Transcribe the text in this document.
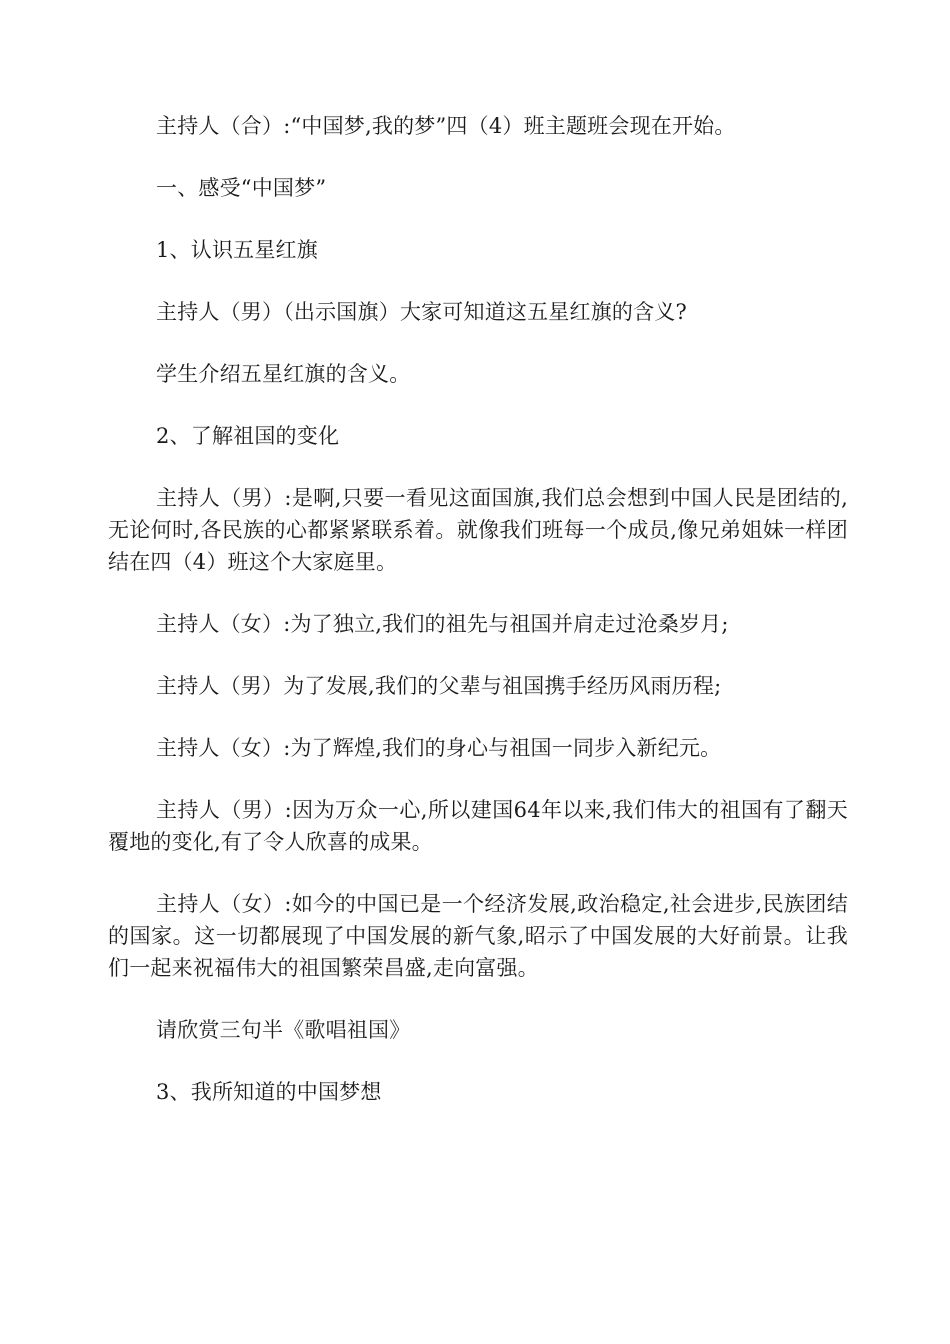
主持人（合）:“中国梦,我的梦”四（4）班主题班会现在开始。

一、感受“中国梦”

1、认识五星红旗

主持人（男）（出示国旗）大家可知道这五星红旗的含义?

学生介绍五星红旗的含义。

2、了解祖国的变化

主持人（男）:是啊,只要一看见这面国旗,我们总会想到中国人民是团结的,无论何时,各民族的心都紧紧联系着。就像我们班每一个成员,像兄弟姐妹一样团结在四（4）班这个大家庭里。

主持人（女）:为了独立,我们的祖先与祖国并肩走过沧桑岁月;

主持人（男）为了发展,我们的父辈与祖国携手经历风雨历程;

主持人（女）:为了辉煌,我们的身心与祖国一同步入新纪元。

主持人（男）:因为万众一心,所以建国64年以来,我们伟大的祖国有了翻天覆地的变化,有了令人欣喜的成果。

主持人（女）:如今的中国已是一个经济发展,政治稳定,社会进步,民族团结的国家。这一切都展现了中国发展的新气象,昭示了中国发展的大好前景。让我们一起来祝福伟大的祖国繁荣昌盛,走向富强。

请欣赏三句半《歌唱祖国》

3、我所知道的中国梦想
